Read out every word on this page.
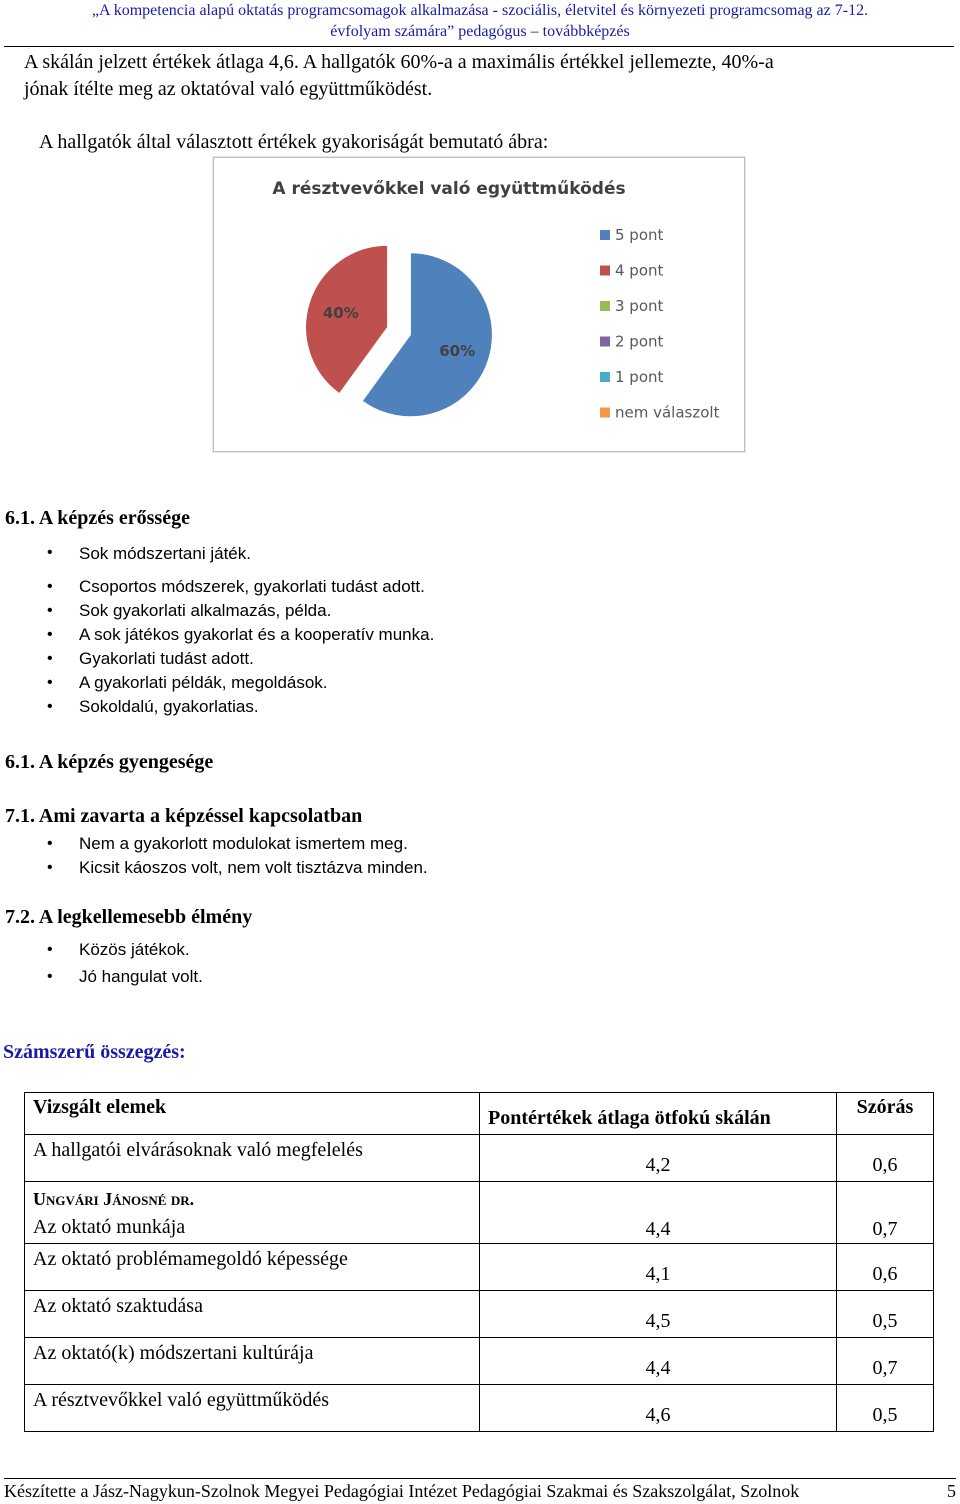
„A kompetencia alapú oktatás programcsomagok alkalmazása - szociális, életvitel és környezeti programcsomag az 7-12.
évfolyam számára” pedagógus – továbbképzés
A skálán jelzett értékek átlaga 4,6. A hallgatók 60%-a a maximális értékkel jellemezte, 40%-a
jónak ítélte meg az oktatóval való együttműködést.
A hallgatók által választott értékek gyakoriságát bemutató ábra:
A résztvevőkkel való együttműködés
60%
40%
5 pont
4 pont
3 pont
2 pont
1 pont
nem válaszolt
6.1. A képzés erőssége
• Sok módszertani játék.
• Csoportos módszerek, gyakorlati tudást adott.
• Sok gyakorlati alkalmazás, példa.
• A sok játékos gyakorlat és a kooperatív munka.
• Gyakorlati tudást adott.
• A gyakorlati példák, megoldások.
• Sokoldalú, gyakorlatias.
6.1. A képzés gyengesége
7.1. Ami zavarta a képzéssel kapcsolatban
• Nem a gyakorlott modulokat ismertem meg.
• Kicsit káoszos volt, nem volt tisztázva minden.
7.2. A legkellemesebb élmény
• Közös játékok.
• Jó hangulat volt.
Számszerű összegzés:
Vizsgált elemek	Pontértékek átlaga ötfokú skálán	Szórás
A hallgatói elvárásoknak való megfelelés	4,2	0,6

Ungvári Jánosné dr.
Az oktató munkája	4,4	0,7
Az oktató problémamegoldó képessége	4,1	0,6
Az oktató szaktudása	4,5	0,5
Az oktató(k) módszertani kultúrája	4,4	0,7
A résztvevőkkel való együttműködés	4,6	0,5
Készítette a Jász-Nagykun-Szolnok Megyei Pedagógiai Intézet Pedagógiai Szakmai és Szakszolgálat, Szolnok	5
